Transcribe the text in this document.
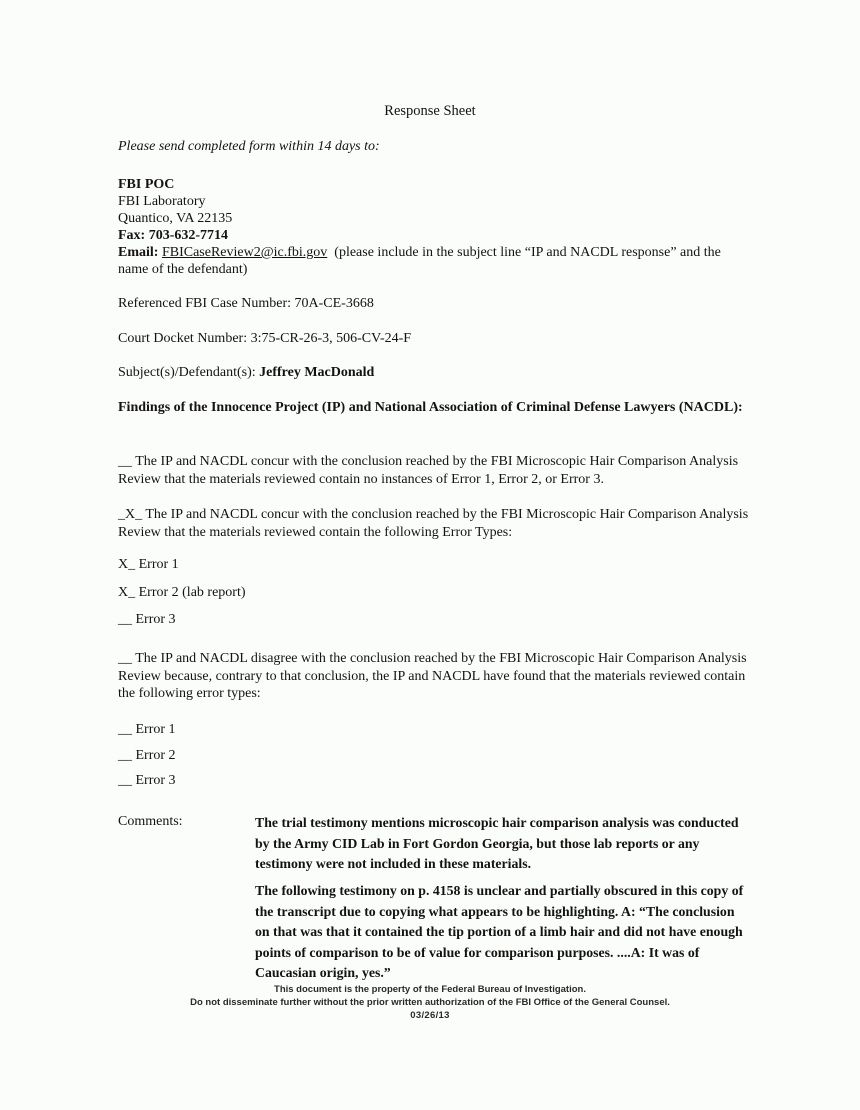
Response Sheet
Please send completed form within 14 days to:
FBI POC
FBI Laboratory
Quantico, VA 22135
Fax: 703-632-7714
Email: FBICaseReview2@ic.fbi.gov (please include in the subject line “IP and NACDL response” and the name of the defendant)
Referenced FBI Case Number: 70A-CE-3668
Court Docket Number: 3:75-CR-26-3, 506-CV-24-F
Subject(s)/Defendant(s): Jeffrey MacDonald
Findings of the Innocence Project (IP) and National Association of Criminal Defense Lawyers (NACDL):
__ The IP and NACDL concur with the conclusion reached by the FBI Microscopic Hair Comparison Analysis Review that the materials reviewed contain no instances of Error 1, Error 2, or Error 3.
_X_ The IP and NACDL concur with the conclusion reached by the FBI Microscopic Hair Comparison Analysis Review that the materials reviewed contain the following Error Types:
X_ Error 1
X_ Error 2 (lab report)
__ Error 3
__ The IP and NACDL disagree with the conclusion reached by the FBI Microscopic Hair Comparison Analysis Review because, contrary to that conclusion, the IP and NACDL have found that the materials reviewed contain the following error types:
__ Error 1
__ Error 2
__ Error 3
Comments:	The trial testimony mentions microscopic hair comparison analysis was conducted by the Army CID Lab in Fort Gordon Georgia, but those lab reports or any testimony were not included in these materials.
The following testimony on p. 4158 is unclear and partially obscured in this copy of the transcript due to copying what appears to be highlighting. A: “The conclusion on that was that it contained the tip portion of a limb hair and did not have enough points of comparison to be of value for comparison purposes. ....A: It was of Caucasian origin, yes.”
This document is the property of the Federal Bureau of Investigation.
Do not disseminate further without the prior written authorization of the FBI Office of the General Counsel.
03/26/13
